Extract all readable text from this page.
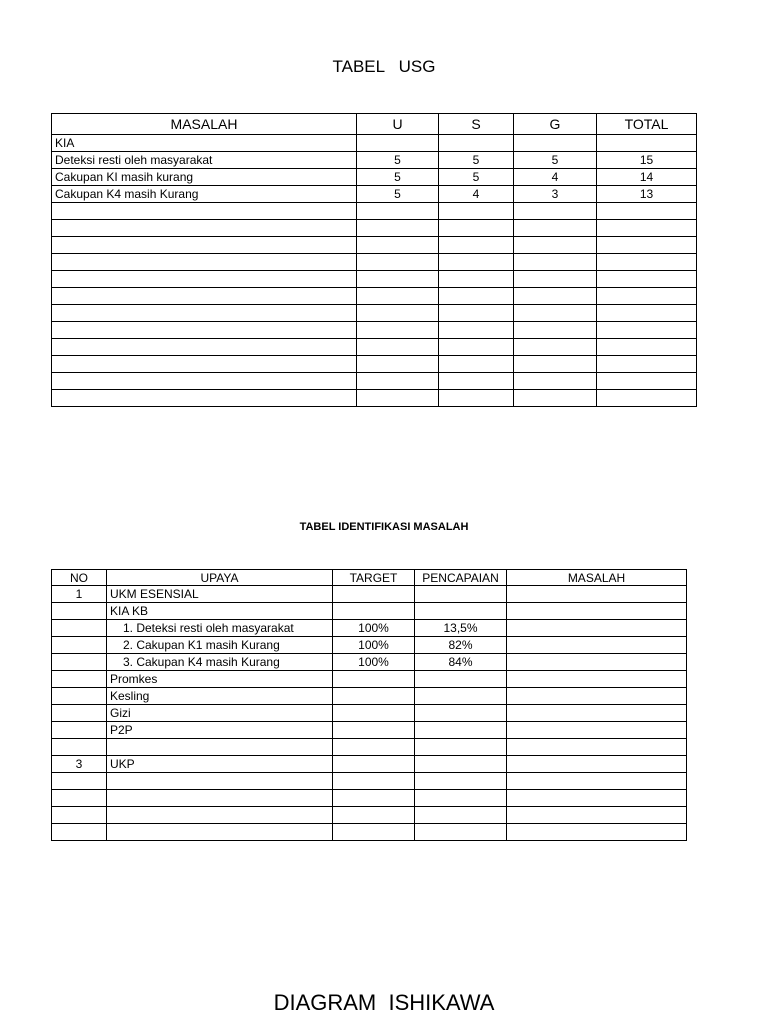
TABEL   USG
MASALAH	U	S	G	TOTAL
KIA				
Deteksi resti oleh masyarakat	5	5	5	15
Cakupan KI masih kurang	5	5	4	14
Cakupan K4 masih Kurang	5	4	3	13

TABEL IDENTIFIKASI MASALAH
NO	UPAYA	TARGET	PENCAPAIAN	MASALAH
1	UKM ESENSIAL			
	KIA KB			
	1. Deteksi resti oleh masyarakat	100%	13,5%	
	2. Cakupan K1 masih Kurang	100%	82%	
	3. Cakupan K4 masih Kurang	100%	84%	
	Promkes			
	Kesling			
	Gizi			
	P2P			

3	UKP			

DIAGRAM  ISHIKAWA
